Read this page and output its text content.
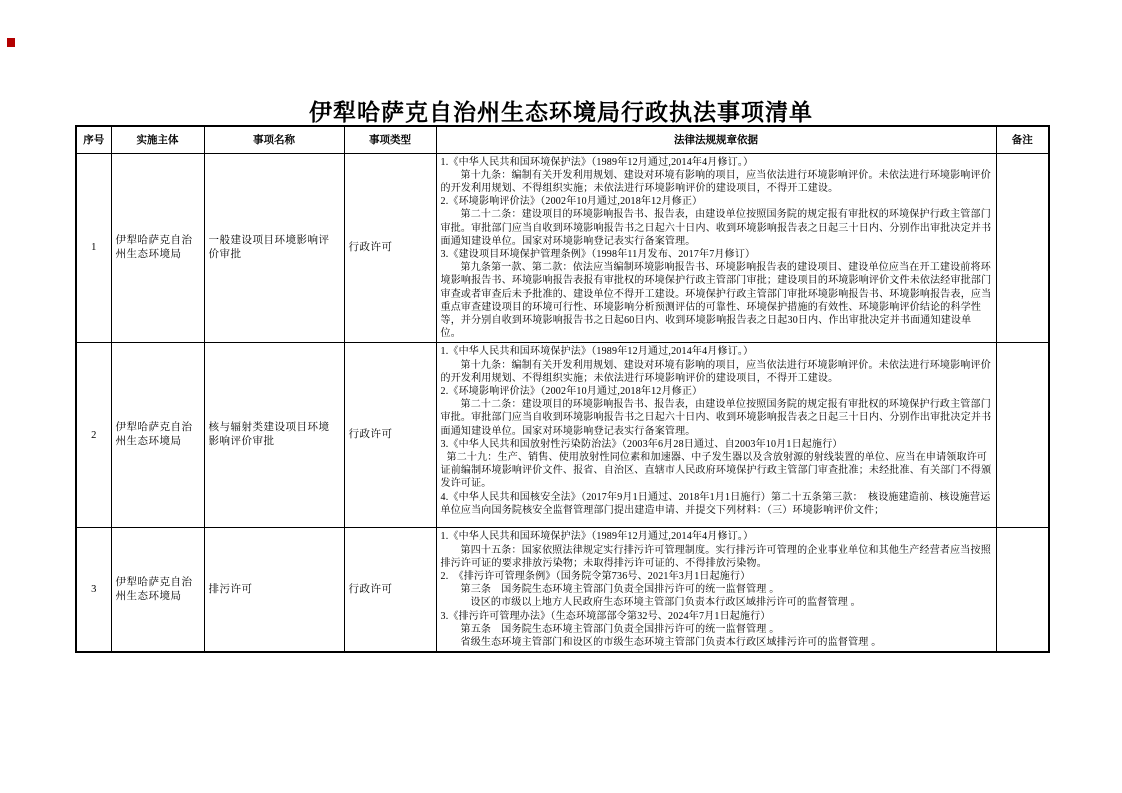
伊犁哈萨克自治州生态环境局行政执法事项清单
序号	实施主体	事项名称	事项类型	法律法规规章依据	备注
1	伊犁哈萨克自治州生态环境局	一般建设项目环境影响评价审批	行政许可	
1.《中华人民共和国环境保护法》（1989年12月通过,2014年4月修订。）
第十九条：编制有关开发利用规划、建设对环境有影响的项目，应当依法进行环境影响评价。未依法进行环境影响评价的开发利用规划、不得组织实施；未依法进行环境影响评价的建设项目，不得开工建设。
2.《环境影响评价法》（2002年10月通过,2018年12月修正）
第二十二条：建设项目的环境影响报告书、报告表，由建设单位按照国务院的规定报有审批权的环境保护行政主管部门审批。审批部门应当自收到环境影响报告书之日起六十日内、收到环境影响报告表之日起三十日内、分别作出审批决定并书面通知建设单位。国家对环境影响登记表实行备案管理。
3.《建设项目环境保护管理条例》（1998年11月发布、2017年7月修订）
第九条第一款、第二款：依法应当编制环境影响报告书、环境影响报告表的建设项目、建设单位应当在开工建设前将环境影响报告书、环境影响报告表报有审批权的环境保护行政主管部门审批；建设项目的环境影响评价文件未依法经审批部门审查或者审查后未予批准的、建设单位不得开工建设。环境保护行政主管部门审批环境影响报告书、环境影响报告表，应当重点审查建设项目的环境可行性、环境影响分析预测评估的可靠性、环境保护措施的有效性、环境影响评价结论的科学性等，并分别自收到环境影响报告书之日起60日内、收到环境影响报告表之日起30日内、作出审批决定并书面通知建设单位。

2	伊犁哈萨克自治州生态环境局	核与辐射类建设项目环境影响评价审批	行政许可	
1.《中华人民共和国环境保护法》（1989年12月通过,2014年4月修订。）
第十九条：编制有关开发利用规划、建设对环境有影响的项目，应当依法进行环境影响评价。未依法进行环境影响评价的开发利用规划、不得组织实施；未依法进行环境影响评价的建设项目，不得开工建设。
2.《环境影响评价法》（2002年10月通过,2018年12月修正）
第二十二条：建设项目的环境影响报告书、报告表，由建设单位按照国务院的规定报有审批权的环境保护行政主管部门审批。审批部门应当自收到环境影响报告书之日起六十日内、收到环境影响报告表之日起三十日内、分别作出审批决定并书面通知建设单位。国家对环境影响登记表实行备案管理。
3.《中华人民共和国放射性污染防治法》（2003年6月28日通过、自2003年10月1日起施行）
第二十九：生产、销售、使用放射性同位素和加速器、中子发生器以及含放射源的射线装置的单位、应当在申请领取许可证前编制环境影响评价文件、报省、自治区、直辖市人民政府环境保护行政主管部门审查批准；未经批准、有关部门不得颁发许可证。
4.《中华人民共和国核安全法》（2017年9月1日通过、2018年1月1日施行）第二十五条第三款：　核设施建造前、核设施营运单位应当向国务院核安全监督管理部门提出建造申请、并提交下列材料：（三）环境影响评价文件；

3	伊犁哈萨克自治州生态环境局	排污许可	行政许可	
1.《中华人民共和国环境保护法》（1989年12月通过,2014年4月修订。）
第四十五条：国家依照法律规定实行排污许可管理制度。实行排污许可管理的企业事业单位和其他生产经营者应当按照排污许可证的要求排放污染物；未取得排污许可证的、不得排放污染物。
2.　《排污许可管理条例》（国务院令第736号、2021年3月1日起施行）
第三条　国务院生态环境主管部门负责全国排污许可的统一监督管理 。
设区的市级以上地方人民政府生态环境主管部门负责本行政区域排污许可的监督管理 。
3.《排污许可管理办法》（生态环境部部令第32号、2024年7月1日起施行）
第五条　国务院生态环境主管部门负责全国排污许可的统一监督管理 。
省级生态环境主管部门和设区的市级生态环境主管部门负责本行政区域排污许可的监督管理 。
